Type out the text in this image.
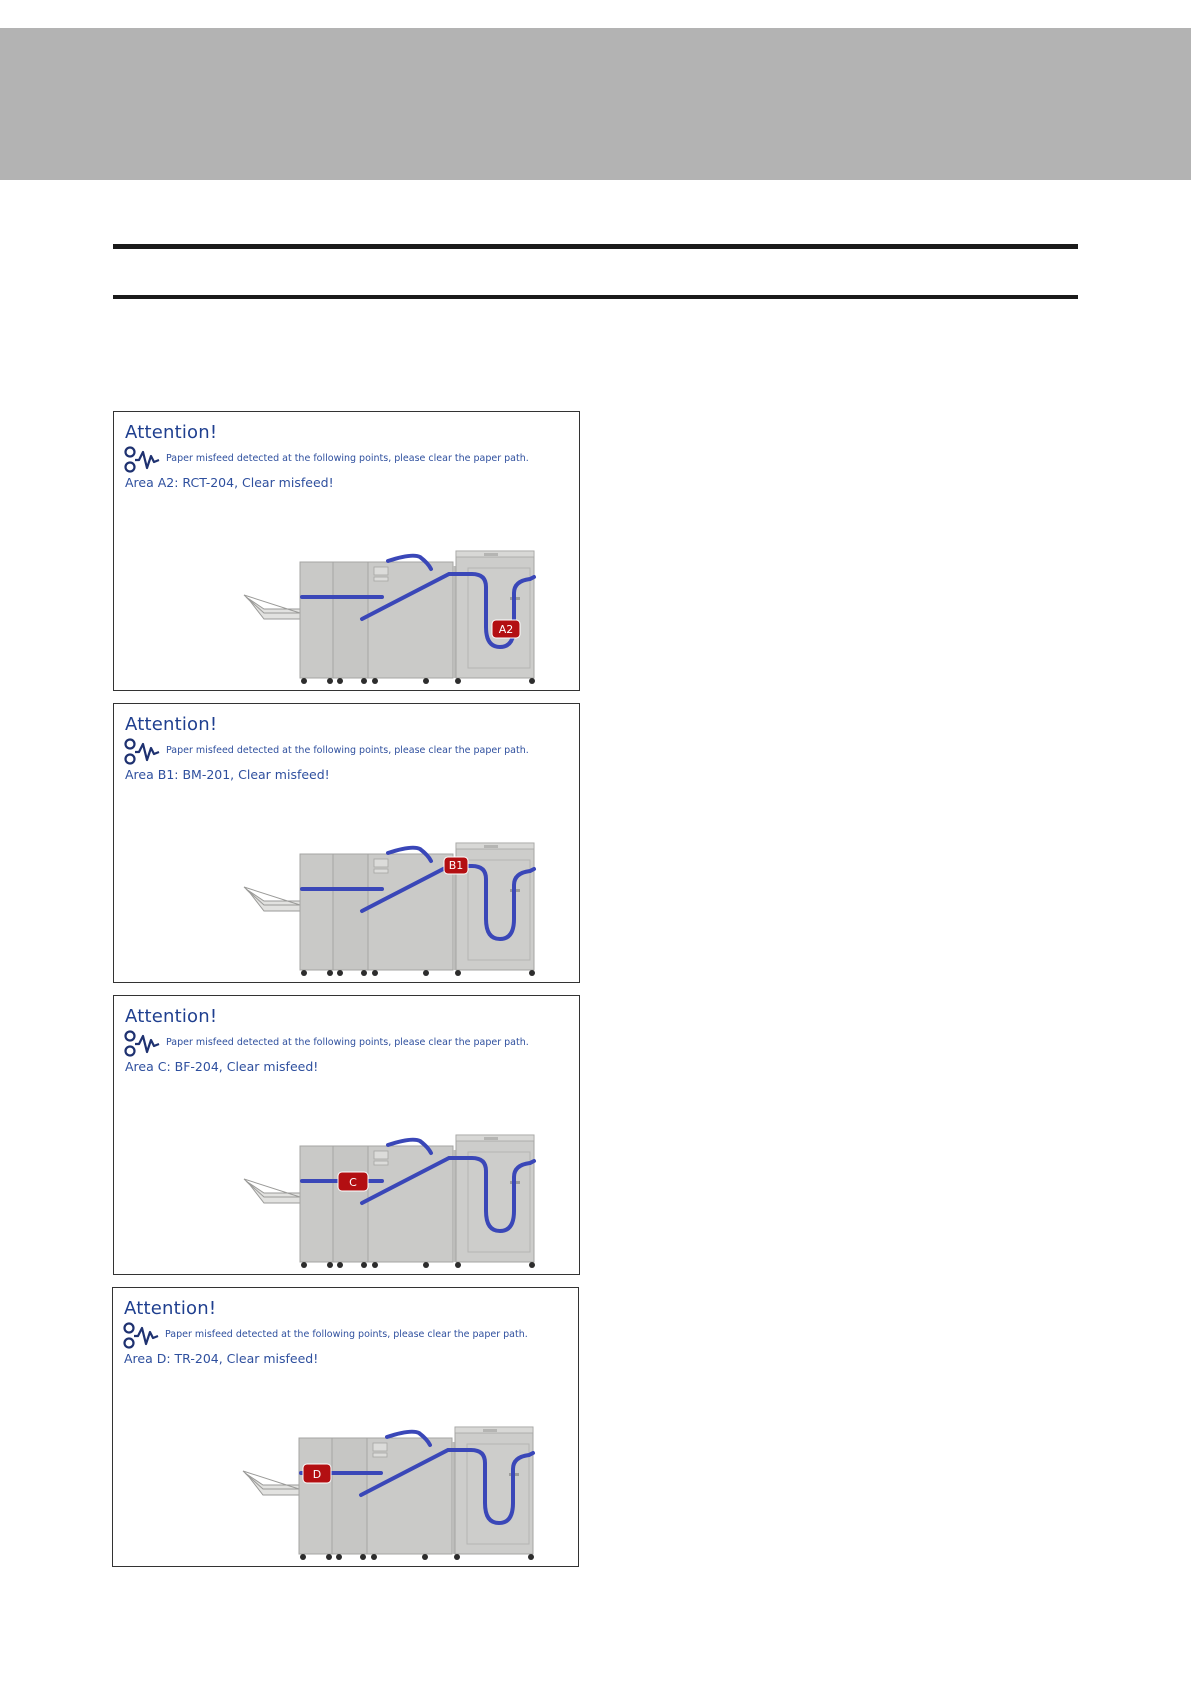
Attention!
Paper misfeed detected at the following points, please clear the paper path.
Area A2: RCT-204, Clear misfeed!
A2
Attention!
Paper misfeed detected at the following points, please clear the paper path.
Area B1: BM-201, Clear misfeed!
B1
Attention!
Paper misfeed detected at the following points, please clear the paper path.
Area C: BF-204, Clear misfeed!
C
Attention!
Paper misfeed detected at the following points, please clear the paper path.
Area D: TR-204, Clear misfeed!
D
